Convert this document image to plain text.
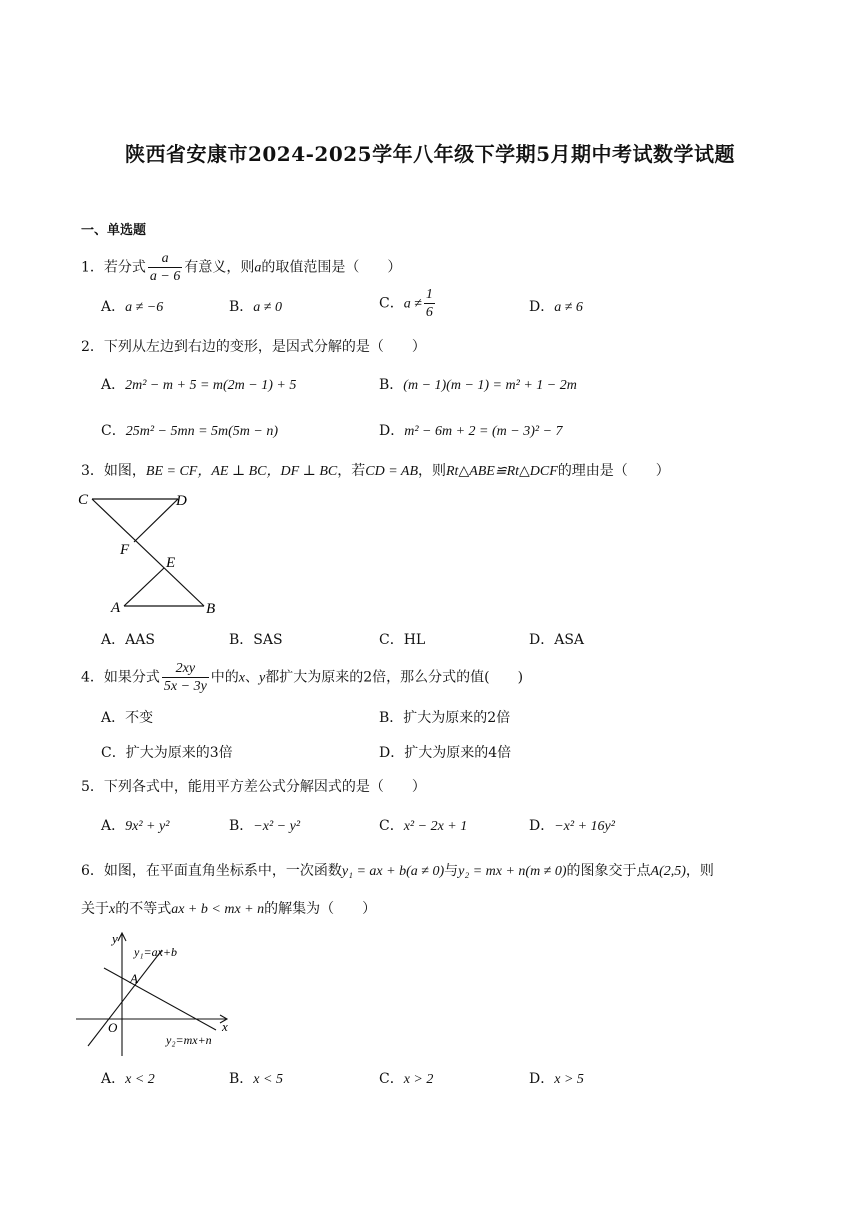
陕西省安康市2024-2025学年八年级下学期5月期中考试数学试题
一、单选题
1．若分式 $\frac{a}{a - 6}$ 有意义，则a的取值范围是（　　）
A．a ≠ −6	B．a ≠ 0	C．$a \ne \frac{1}{6}$	D．a ≠ 6
2．下列从左边到右边的变形，是因式分解的是（　　）
A．2m² − m + 5 = m(2m − 1) + 5	B．(m − 1)(m − 1) = m² + 1 − 2m
C．25m² − 5mn = 5m(5m − n)	D．m² − 6m + 2 = (m − 3)² − 7
3．如图，BE = CF，AE ⊥ BC，DF ⊥ BC，若CD = AB，则Rt△ABE≌Rt△DCF的理由是（　　）
C	D
F
E
A	B
A．AAS	B．SAS	C．HL	D．ASA
4．如果分式 $\frac{2xy}{5x - 3y}$ 中的x、y都扩大为原来的2倍，那么分式的值(　　)
A．不变	B．扩大为原来的2倍
C．扩大为原来的3倍	D．扩大为原来的4倍
5．下列各式中，能用平方差公式分解因式的是（　　）
A．9x² + y²	B．−x² − y²	C．x² − 2x + 1	D．−x² + 16y²
6．如图，在平面直角坐标系中，一次函数y₁ = ax + b(a ≠ 0)与y₂ = mx + n(m ≠ 0)的图象交于点A(2,5)，则
关于x的不等式ax + b < mx + n的解集为（　　）
y
x
O
A
y₁=ax+b
y₂=mx+n
A．x < 2	B．x < 5	C．x > 2	D．x > 5
